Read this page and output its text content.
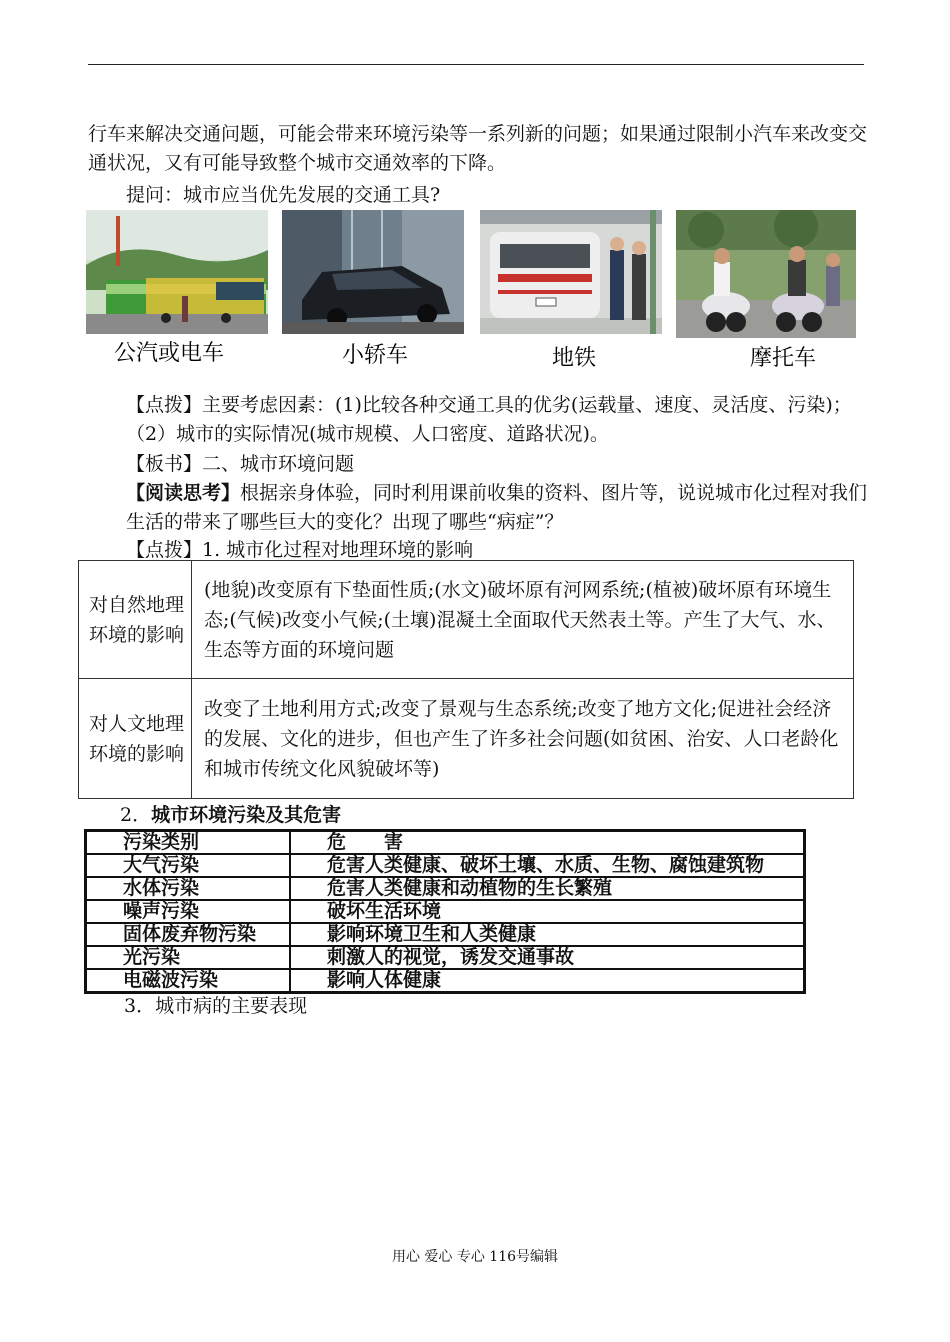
行车来解决交通问题，可能会带来环境污染等一系列新的问题；如果通过限制小汽车来改变交通状况，又有可能导致整个城市交通效率的下降。

提问：城市应当优先发展的交通工具?

公汽或电车	小轿车	地铁	摩托车

【点拨】主要考虑因素：(1)比较各种交通工具的优劣(运载量、速度、灵活度、污染)；（2）城市的实际情况(城市规模、人口密度、道路状况)。

【板书】二、城市环境问题

【阅读思考】根据亲身体验，同时利用课前收集的资料、图片等，说说城市化过程对我们生活的带来了哪些巨大的变化？出现了哪些“病症”？

【点拨】1. 城市化过程对地理环境的影响

对自然地理环境的影响	(地貌)改变原有下垫面性质;(水文)破坏原有河网系统;(植被)破坏原有环境生态;(气候)改变小气候;(土壤)混凝土全面取代天然表土等。产生了大气、水、生态等方面的环境问题
对人文地理环境的影响	改变了土地利用方式;改变了景观与生态系统;改变了地方文化;促进社会经济的发展、文化的进步，但也产生了许多社会问题(如贫困、治安、人口老龄化和城市传统文化风貌破坏等)

2．城市环境污染及其危害

污染类别	危　　害
大气污染	危害人类健康、破坏土壤、水质、生物、腐蚀建筑物
水体污染	危害人类健康和动植物的生长繁殖
噪声污染	破坏生活环境
固体废弃物污染	影响环境卫生和人类健康
光污染	刺激人的视觉，诱发交通事故
电磁波污染	影响人体健康

3．城市病的主要表现

用心 爱心 专心 116号编辑
